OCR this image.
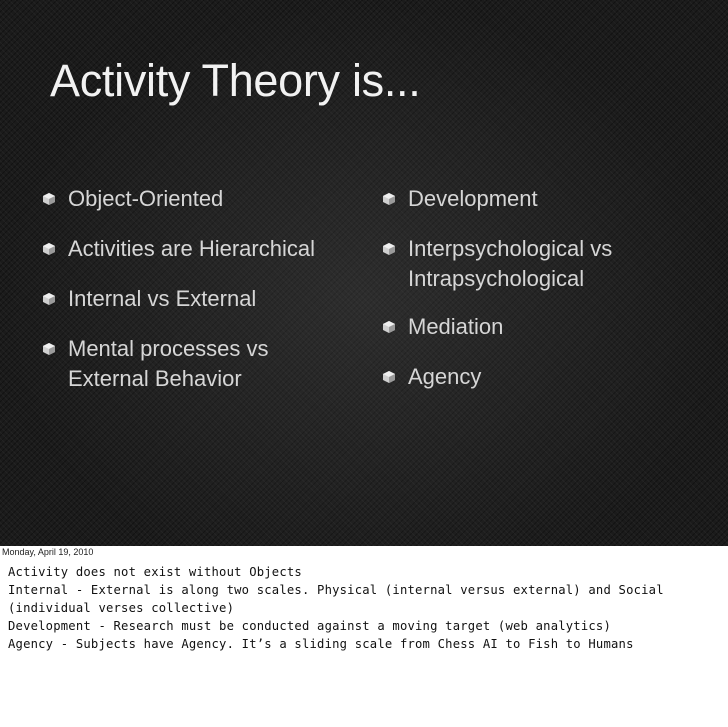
Activity Theory is...
Object-Oriented
Activities are Hierarchical
Internal vs External
Mental processes vs External Behavior
Development
Interpsychological vs Intrapsychological
Mediation
Agency
Monday, April 19, 2010
Activity does not exist without Objects
Internal - External is along two scales. Physical (internal versus external) and Social
(individual verses collective)
Development - Research must be conducted against a moving target (web analytics)
Agency - Subjects have Agency. It’s a sliding scale from Chess AI to Fish to Humans
